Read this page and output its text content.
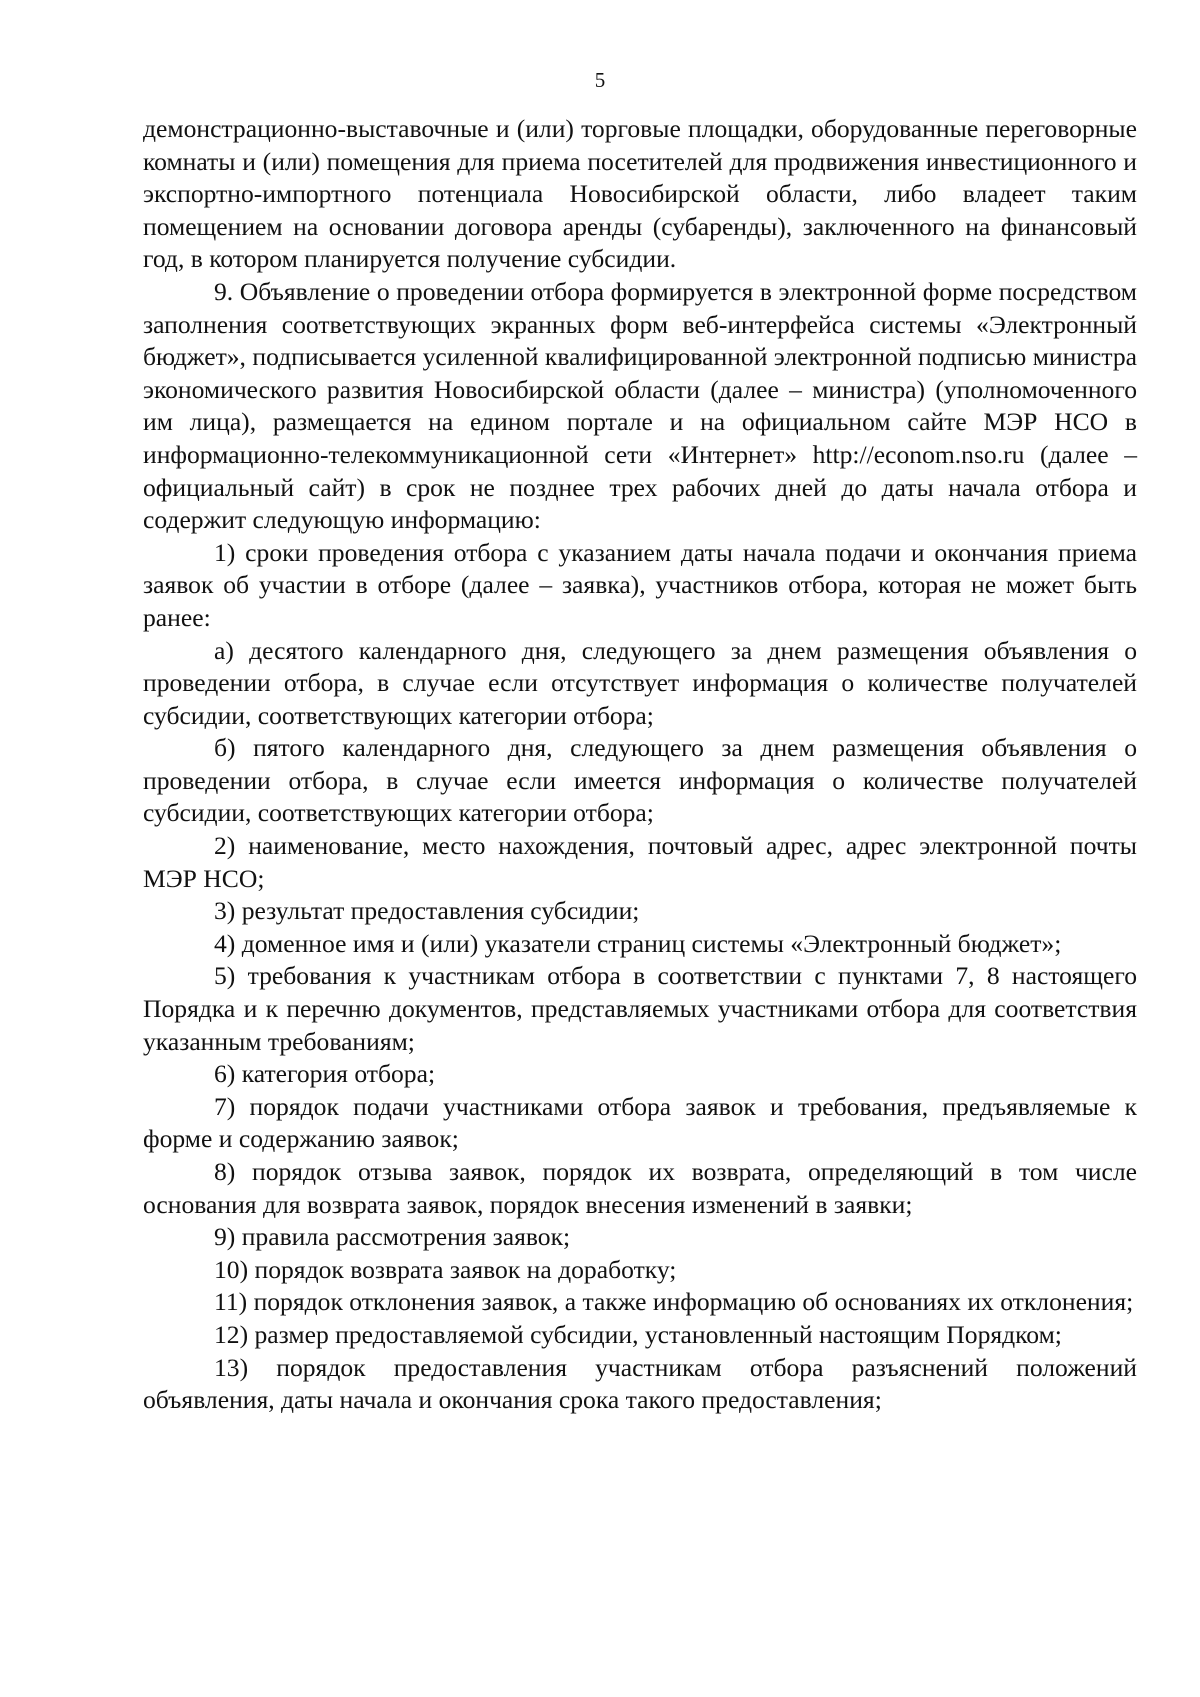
5

демонстрационно-выставочные и (или) торговые площадки, оборудованные переговорные комнаты и (или) помещения для приема посетителей для продвижения инвестиционного и экспортно-импортного потенциала Новосибирской области, либо владеет таким помещением на основании договора аренды (субаренды), заключенного на финансовый год, в котором планируется получение субсидии.

9. Объявление о проведении отбора формируется в электронной форме посредством заполнения соответствующих экранных форм веб-интерфейса системы «Электронный бюджет», подписывается усиленной квалифицированной электронной подписью министра экономического развития Новосибирской области (далее – министра) (уполномоченного им лица), размещается на едином портале и на официальном сайте МЭР НСО в информационно-телекоммуникационной сети «Интернет» http://econom.nso.ru (далее – официальный сайт) в срок не позднее трех рабочих дней до даты начала отбора и содержит следующую информацию:

1) сроки проведения отбора с указанием даты начала подачи и окончания приема заявок об участии в отборе (далее – заявка), участников отбора, которая не может быть ранее:

а) десятого календарного дня, следующего за днем размещения объявления о проведении отбора, в случае если отсутствует информация о количестве получателей субсидии, соответствующих категории отбора;

б) пятого календарного дня, следующего за днем размещения объявления о проведении отбора, в случае если имеется информация о количестве получателей субсидии, соответствующих категории отбора;

2) наименование, место нахождения, почтовый адрес, адрес электронной почты МЭР НСО;

3) результат предоставления субсидии;

4) доменное имя и (или) указатели страниц системы «Электронный бюджет»;

5) требования к участникам отбора в соответствии с пунктами 7, 8 настоящего Порядка и к перечню документов, представляемых участниками отбора для соответствия указанным требованиям;

6) категория отбора;

7) порядок подачи участниками отбора заявок и требования, предъявляемые к форме и содержанию заявок;

8) порядок отзыва заявок, порядок их возврата, определяющий в том числе основания для возврата заявок, порядок внесения изменений в заявки;

9) правила рассмотрения заявок;

10) порядок возврата заявок на доработку;

11) порядок отклонения заявок, а также информацию об основаниях их отклонения;

12) размер предоставляемой субсидии, установленный настоящим Порядком;

13) порядок предоставления участникам отбора разъяснений положений объявления, даты начала и окончания срока такого предоставления;
